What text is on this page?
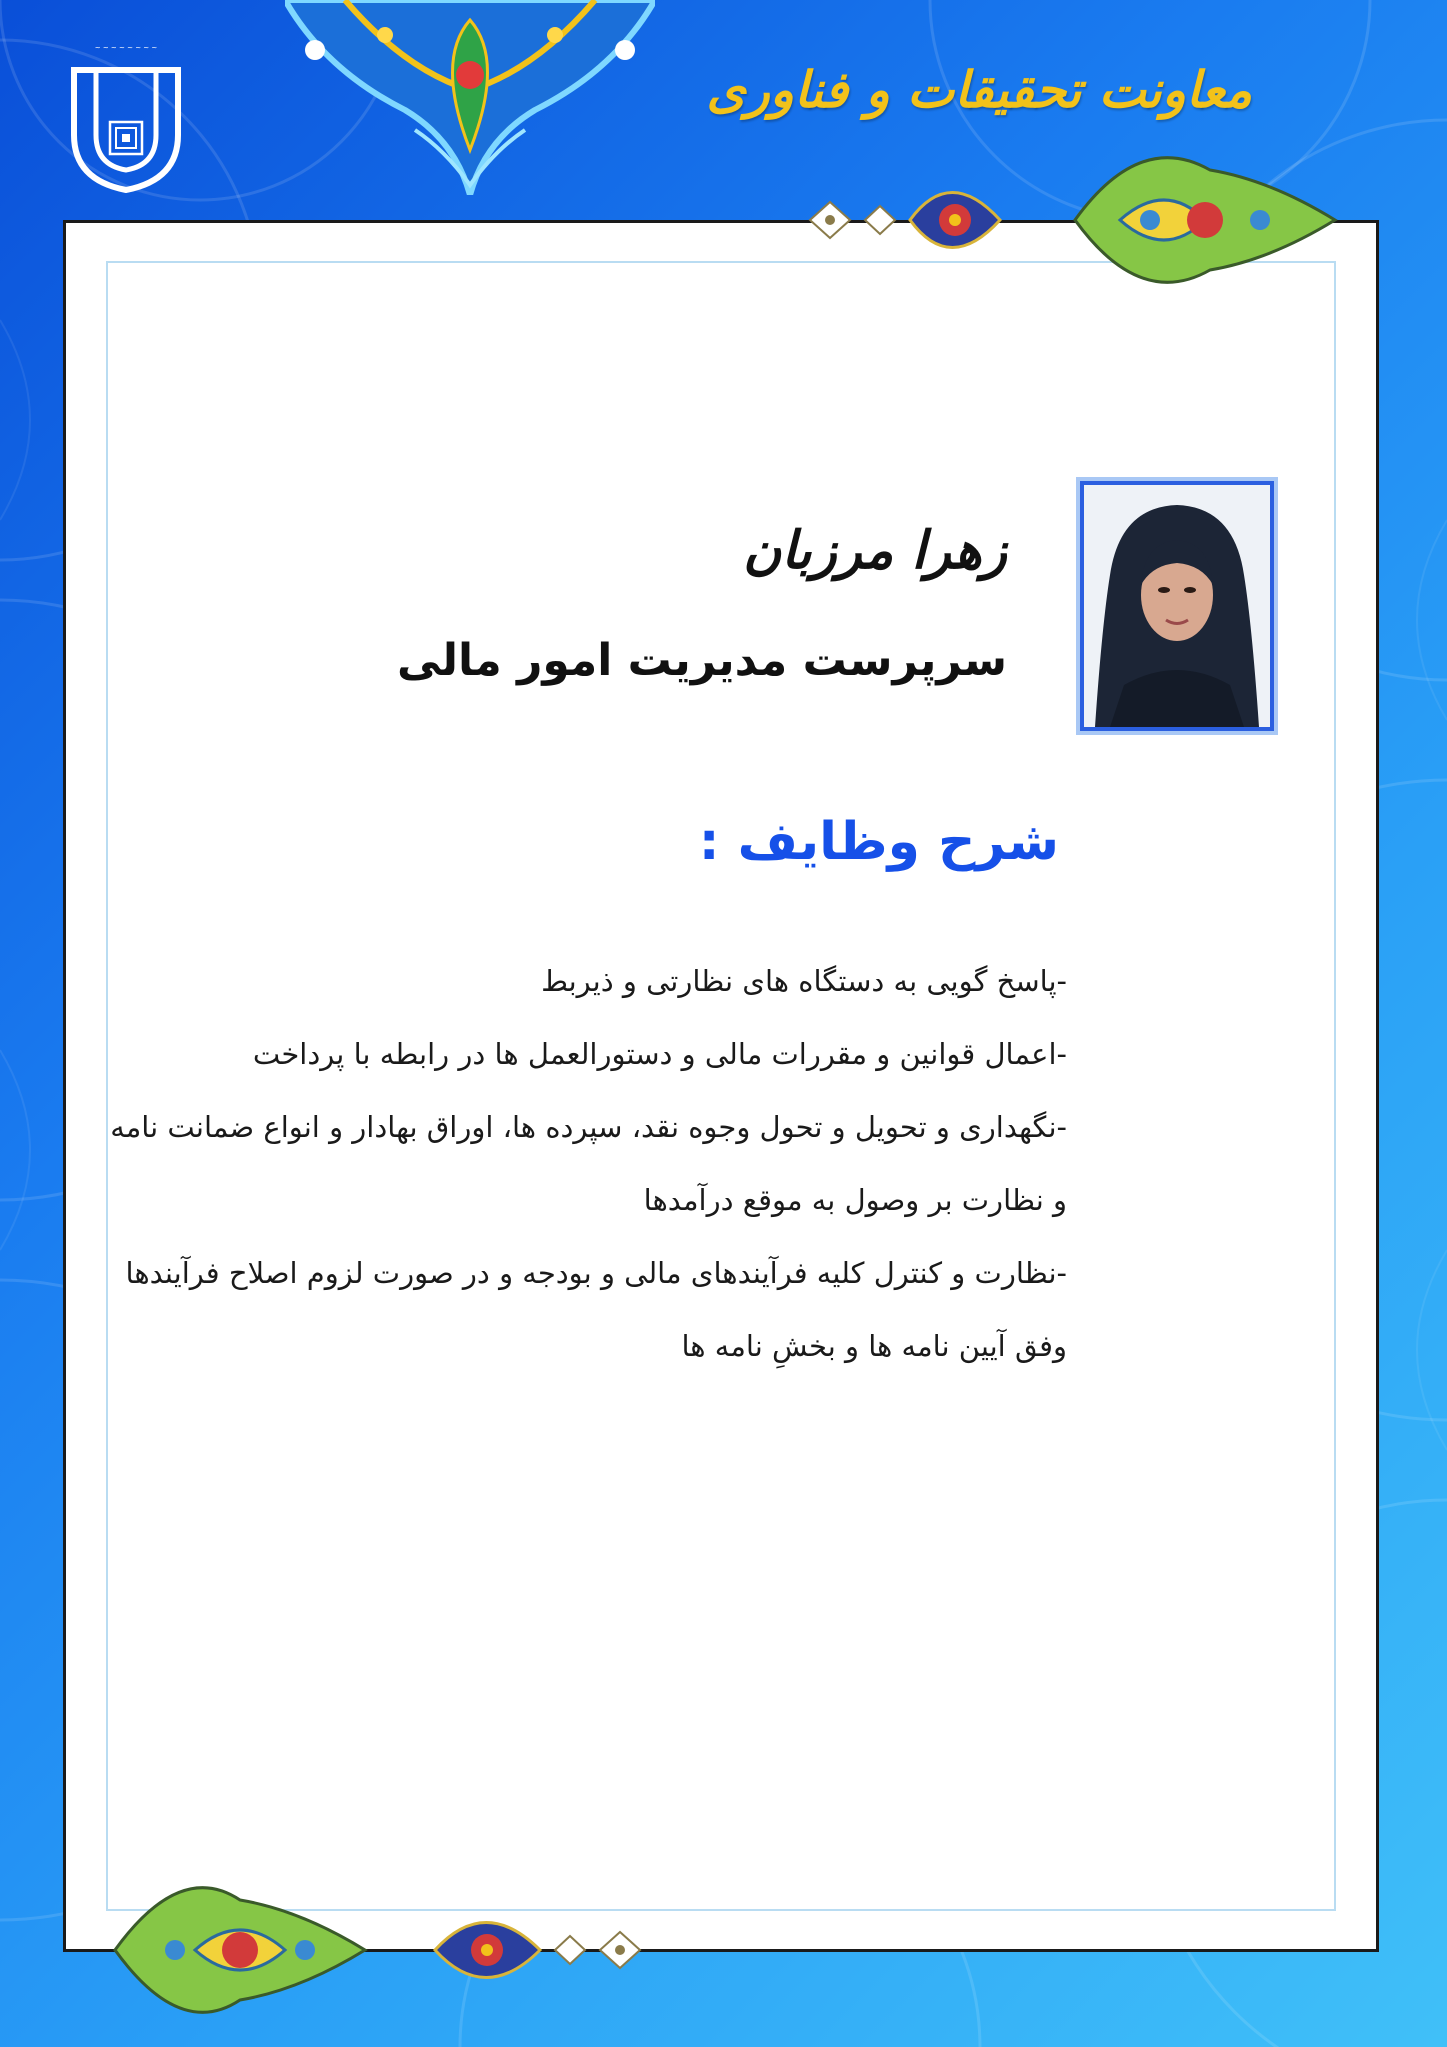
~ ~ ~ ~ ~ ~ ~ ~
معاونت تحقیقات و فناوری
زهرا مرزبان
سرپرست مدیریت امور مالی
شرح وظایف :
-پاسخ گویی به دستگاه های نظارتی و ذیربط
-اعمال قوانین و مقررات مالی و دستورالعمل ها در رابطه با پرداخت
-نگهداری و تحویل و تحول وجوه نقد، سپرده ها، اوراق بهادار و انواع ضمانت نامه
و نظارت بر وصول به موقع درآمدها
-نظارت و کنترل کلیه فرآیندهای مالی و بودجه و در صورت لزوم اصلاح فرآیندها
وفق آیین نامه ها و بخشِ نامه ها
